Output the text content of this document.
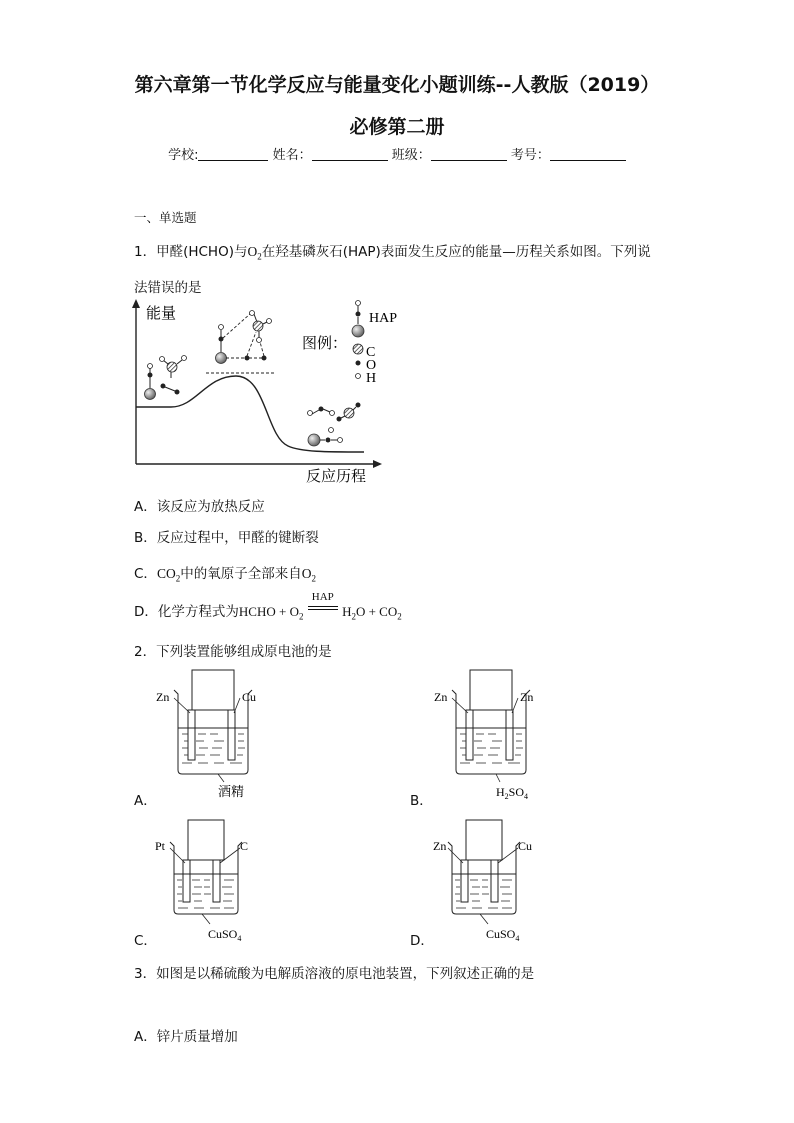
第六章第一节化学反应与能量变化小题训练--人教版（2019）
必修第二册
学校:	姓名：	班级：	考号：
一、单选题
1．甲醛(HCHO)与$O_2$在羟基磷灰石(HAP)表面发生反应的能量—历程关系如图。下列说
法错误的是
图例：
HAP
C
O
H
能量
反应历程
A．该反应为放热反应
B．反应过程中，甲醛的键断裂
C．$CO_2$中的氧原子全部来自$O_2$
D．化学方程式为HCHO + $O_2$
HAP
$H_2O + CO_2$
2．下列装置能够组成原电池的是
A．
Zn	Cu
酒精
B．
Zn	Zn
$H_2SO_4$
C．
Pt	C
CuSO$_4$	D．
Zn	Cu
CuSO$_4$
3．如图是以稀硫酸为电解质溶液的原电池装置，下列叙述正确的是
A．锌片质量增加
